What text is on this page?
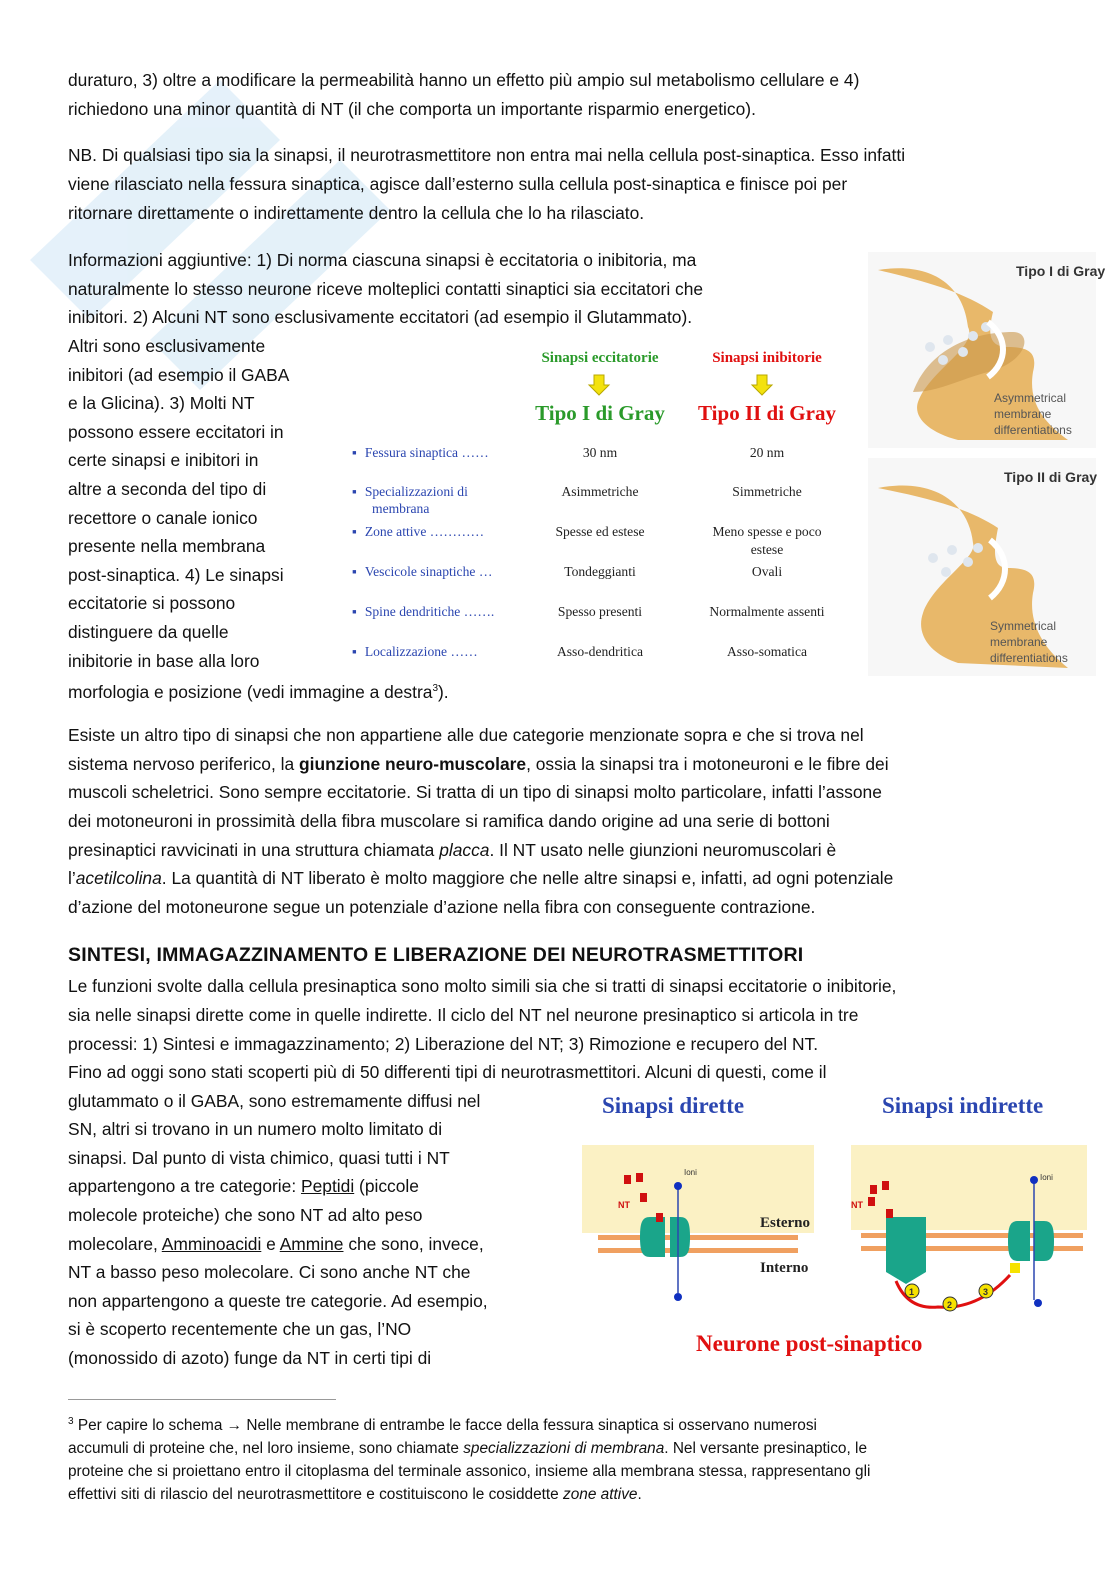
duraturo, 3) oltre a modificare la permeabilità hanno un effetto più ampio sul metabolismo cellulare e 4)

richiedono una minor quantità di NT (il che comporta un importante risparmio energetico).

NB. Di qualsiasi tipo sia la sinapsi, il neurotrasmettitore non entra mai nella cellula post-sinaptica. Esso infatti

viene rilasciato nella fessura sinaptica, agisce dall’esterno sulla cellula post-sinaptica e finisce poi per

ritornare direttamente o indirettamente dentro la cellula che lo ha rilasciato.

Informazioni aggiuntive: 1) Di norma ciascuna sinapsi è eccitatoria o inibitoria, ma

naturalmente lo stesso neurone riceve molteplici contatti sinaptici sia eccitatori che

inibitori. 2) Alcuni NT sono esclusivamente eccitatori (ad esempio il Glutammato).

Altri sono esclusivamente

inibitori (ad esempio il GABA

e la Glicina). 3) Molti NT

possono essere eccitatori in

certe sinapsi e inibitori in

altre a seconda del tipo di

recettore o canale ionico

presente nella membrana

post-sinaptica. 4) Le sinapsi

eccitatorie si possono

distinguere da quelle

inibitorie in base alla loro

morfologia e posizione (vedi immagine a destra$^3$).

Sinapsi eccitatorie	Sinapsi inibitorie
Tipo I di Gray	Tipo II di Gray
▪ Fessura sinaptica ……	30 nm	20 nm
▪ Specializzazioni di
membrana
Asimmetriche	Simmetriche
▪ Zone attive …………	Spesse ed estese	Meno spesse e poco
estese
▪ Vescicole sinaptiche …	Tondeggianti	Ovali
▪ Spine dendritiche …….	Spesso presenti	Normalmente assenti
▪ Localizzazione ……	Asso-dendritica	Asso-somatica
Tipo I di Gray
Asymmetrical
membrane
differentiations
Tipo II di Gray
Symmetrical
membrane
differentiations

Esiste un altro tipo di sinapsi che non appartiene alle due categorie menzionate sopra e che si trova nel

sistema nervoso periferico, la giunzione neuro-muscolare, ossia la sinapsi tra i motoneuroni e le fibre dei

muscoli scheletrici. Sono sempre eccitatorie. Si tratta di un tipo di sinapsi molto particolare, infatti l’assone

dei motoneuroni in prossimità della fibra muscolare si ramifica dando origine ad una serie di bottoni

presinaptici ravvicinati in una struttura chiamata placca. Il NT usato nelle giunzioni neuromuscolari è

l’acetilcolina. La quantità di NT liberato è molto maggiore che nelle altre sinapsi e, infatti, ad ogni potenziale

d’azione del motoneurone segue un potenziale d’azione nella fibra con conseguente contrazione.

SINTESI, IMMAGAZZINAMENTO E LIBERAZIONE DEI NEUROTRASMETTITORI

Le funzioni svolte dalla cellula presinaptica sono molto simili sia che si tratti di sinapsi eccitatorie o inibitorie,

sia nelle sinapsi dirette come in quelle indirette. Il ciclo del NT nel neurone presinaptico si articola in tre

processi: 1) Sintesi e immagazzinamento; 2) Liberazione del NT; 3) Rimozione e recupero del NT.

Fino ad oggi sono stati scoperti più di 50 differenti tipi di neurotrasmettitori. Alcuni di questi, come il

glutammato o il GABA, sono estremamente diffusi nel

SN, altri si trovano in un numero molto limitato di

sinapsi. Dal punto di vista chimico, quasi tutti i NT

appartengono a tre categorie: Peptidi (piccole

molecole proteiche) che sono NT ad alto peso

molecolare, Amminoacidi e Ammine che sono, invece,

NT a basso peso molecolare. Ci sono anche NT che

non appartengono a queste tre categorie. Ad esempio,

si è scoperto recentemente che un gas, l’NO

(monossido di azoto) funge da NT in certi tipi di

Sinapsi dirette	Sinapsi indirette
Ioni
NT
Esterno
Interno
NT
Ioni
1
2
3
Neurone post-sinaptico
$^3$ Per capire lo schema → Nelle membrane di entrambe le facce della fessura sinaptica si osservano numerosi
accumuli di proteine che, nel loro insieme, sono chiamate specializzazioni di membrana. Nel versante presinaptico, le
proteine che si proiettano entro il citoplasma del terminale assonico, insieme alla membrana stessa, rappresentano gli
effettivi siti di rilascio del neurotrasmettitore e costituiscono le cosiddette zone attive.
